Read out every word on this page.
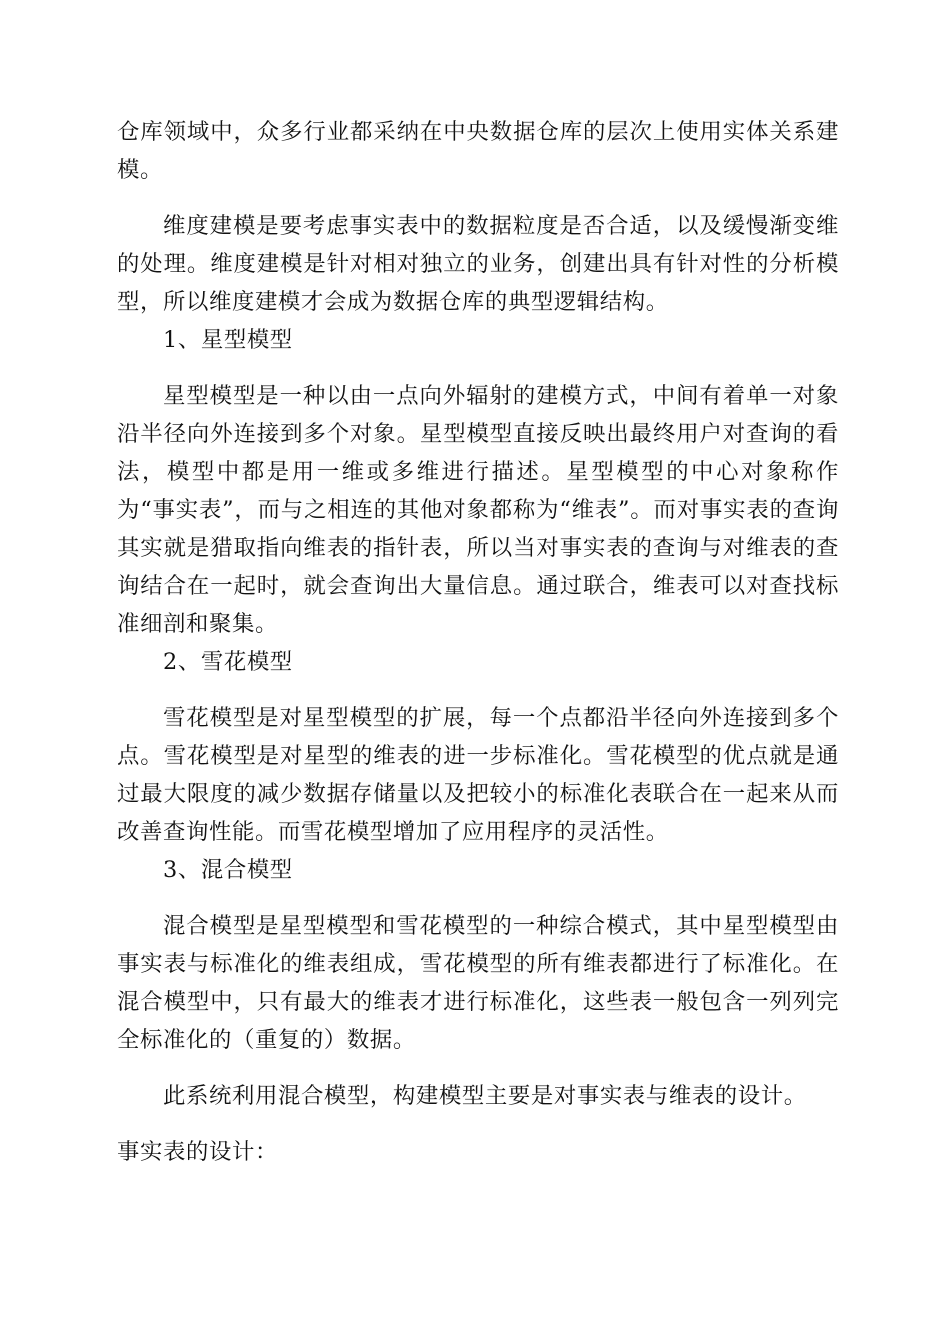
仓库领域中，众多行业都采纳在中央数据仓库的层次上使用实体关系建模。

维度建模是要考虑事实表中的数据粒度是否合适，以及缓慢渐变维的处理。维度建模是针对相对独立的业务，创建出具有针对性的分析模型，所以维度建模才会成为数据仓库的典型逻辑结构。

1、星型模型

星型模型是一种以由一点向外辐射的建模方式，中间有着单一对象沿半径向外连接到多个对象。星型模型直接反映出最终用户对查询的看法，模型中都是用一维或多维进行描述。星型模型的中心对象称作为“事实表”，而与之相连的其他对象都称为“维表”。而对事实表的查询其实就是猎取指向维表的指针表，所以当对事实表的查询与对维表的查询结合在一起时，就会查询出大量信息。通过联合，维表可以对查找标准细剖和聚集。

2、雪花模型

雪花模型是对星型模型的扩展，每一个点都沿半径向外连接到多个点。雪花模型是对星型的维表的进一步标准化。雪花模型的优点就是通过最大限度的减少数据存储量以及把较小的标准化表联合在一起来从而改善查询性能。而雪花模型增加了应用程序的灵活性。

3、混合模型

混合模型是星型模型和雪花模型的一种综合模式，其中星型模型由事实表与标准化的维表组成，雪花模型的所有维表都进行了标准化。在混合模型中，只有最大的维表才进行标准化，这些表一般包含一列列完全标准化的（重复的）数据。

此系统利用混合模型，构建模型主要是对事实表与维表的设计。

事实表的设计：
